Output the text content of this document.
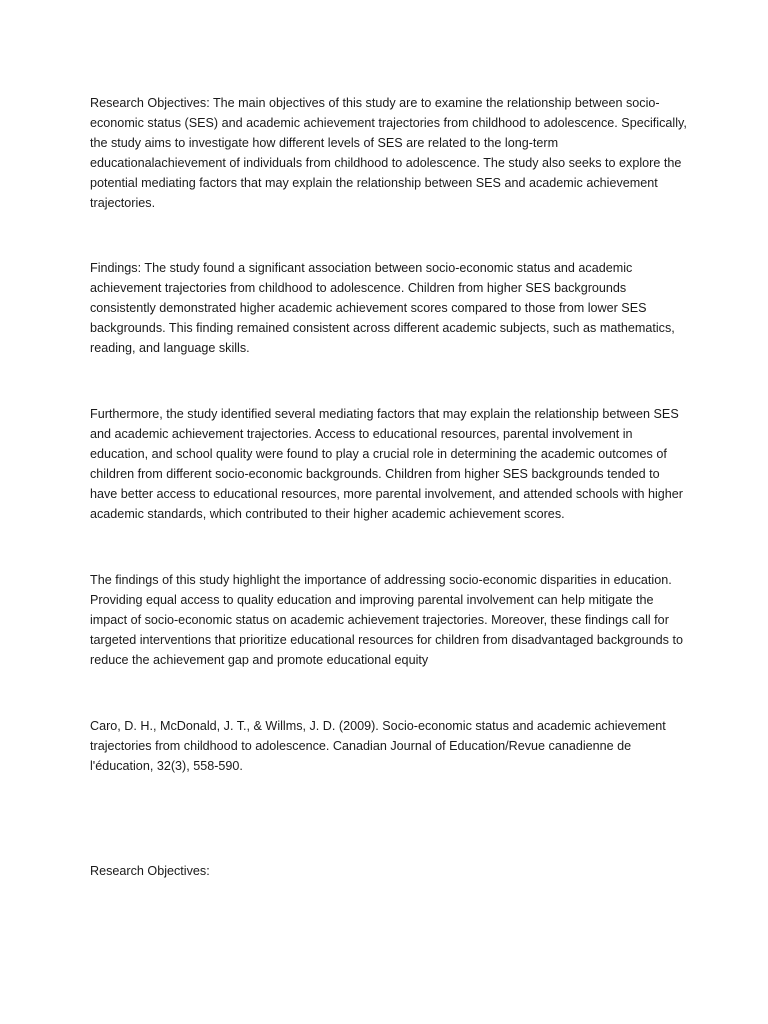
Research Objectives: The main objectives of this study are to examine the relationship between socio-economic status (SES) and academic achievement trajectories from childhood to adolescence. Specifically, the study aims to investigate how different levels of SES are related to the long-term educationalachievement of individuals from childhood to adolescence. The study also seeks to explore the potential mediating factors that may explain the relationship between SES and academic achievement trajectories.

Findings: The study found a significant association between socio-economic status and academic achievement trajectories from childhood to adolescence. Children from higher SES backgrounds consistently demonstrated higher academic achievement scores compared to those from lower SES backgrounds. This finding remained consistent across different academic subjects, such as mathematics, reading, and language skills.

Furthermore, the study identified several mediating factors that may explain the relationship between SES and academic achievement trajectories. Access to educational resources, parental involvement in education, and school quality were found to play a crucial role in determining the academic outcomes of children from different socio-economic backgrounds. Children from higher SES backgrounds tended to have better access to educational resources, more parental involvement, and attended schools with higher academic standards, which contributed to their higher academic achievement scores.

The findings of this study highlight the importance of addressing socio-economic disparities in education. Providing equal access to quality education and improving parental involvement can help mitigate the impact of socio-economic status on academic achievement trajectories. Moreover, these findings call for targeted interventions that prioritize educational resources for children from disadvantaged backgrounds to reduce the achievement gap and promote educational equity

Caro, D. H., McDonald, J. T., & Willms, J. D. (2009). Socio-economic status and academic achievement trajectories from childhood to adolescence. Canadian Journal of Education/Revue canadienne de l'éducation, 32(3), 558-590.

Research Objectives:
